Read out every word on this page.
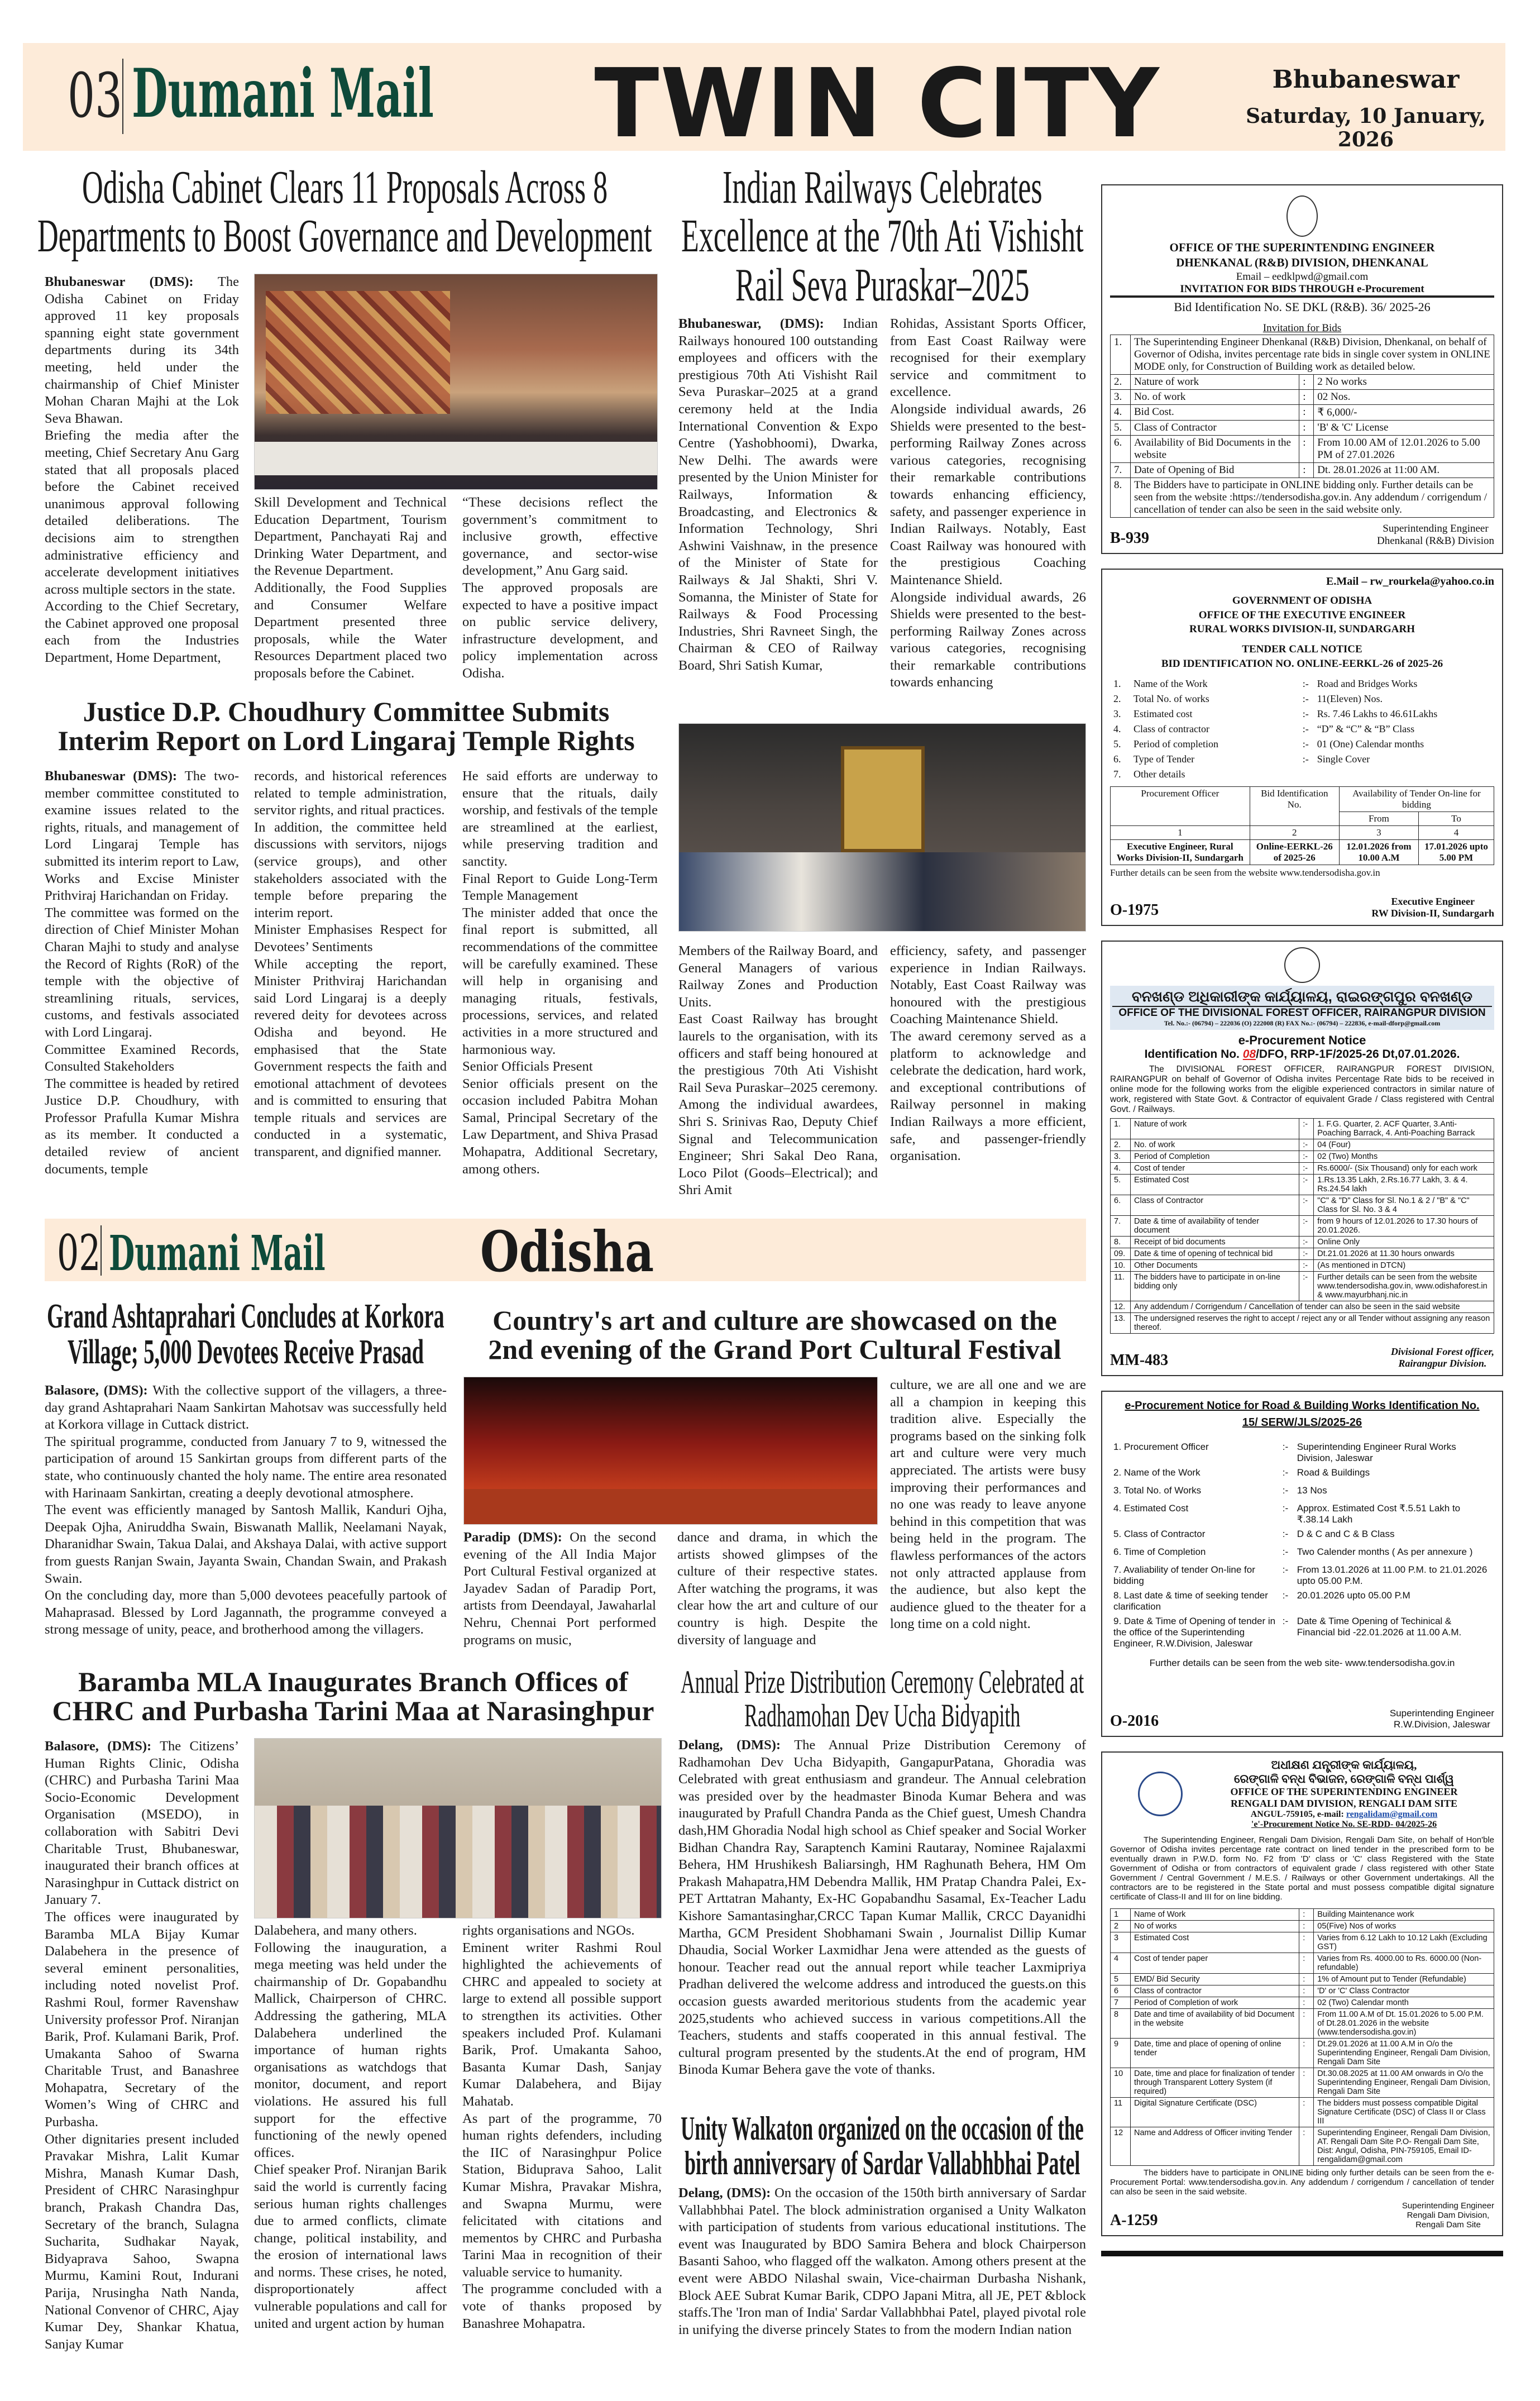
03 Dumani Mail	TWIN CITY	Bhubaneswar
Saturday, 10 January, 2026
Odisha Cabinet Clears 11 Proposals Across 8
Departments to Boost Governance and Development

Bhubaneswar (DMS): The Odisha Cabinet on Friday approved 11 key proposals spanning eight state government departments during its 34th meeting, held under the chairmanship of Chief Minister Mohan Charan Majhi at the Lok Seva Bhawan.

Briefing the media after the meeting, Chief Secretary Anu Garg stated that all proposals placed before the Cabinet received unanimous approval following detailed deliberations. The decisions aim to strengthen administrative efficiency and accelerate development initiatives across multiple sectors in the state.

According to the Chief Secretary, the Cabinet approved one proposal each from the Industries Department, Home Department,

Skill Development and Technical Education Department, Tourism Department, Panchayati Raj and Drinking Water Department, and the Revenue Department.

Additionally, the Food Supplies and Consumer Welfare Department presented three proposals, while the Water Resources Department placed two proposals before the Cabinet.

“These decisions reflect the government’s commitment to inclusive growth, effective governance, and sector-wise development,” Anu Garg said.

The approved proposals are expected to have a positive impact on public service delivery, infrastructure development, and policy implementation across Odisha.

Indian Railways Celebrates
Excellence at the 70th Ati Vishisht
Rail Seva Puraskar–2025

Bhubaneswar, (DMS): Indian Railways honoured 100 outstanding employees and officers with the prestigious 70th Ati Vishisht Rail Seva Puraskar–2025 at a grand ceremony held at the India International Convention & Expo Centre (Yashobhoomi), Dwarka, New Delhi. The awards were presented by the Union Minister for Railways, Information & Broadcasting, and Electronics & Information Technology, Shri Ashwini Vaishnaw, in the presence of the Minister of State for Railways & Jal Shakti, Shri V. Somanna, the Minister of State for Railways & Food Processing Industries, Shri Ravneet Singh, the Chairman & CEO of Railway Board, Shri Satish Kumar,

Rohidas, Assistant Sports Officer, from East Coast Railway were recognised for their exemplary service and commitment to excellence.

Alongside individual awards, 26 Shields were presented to the best-performing Railway Zones across various categories, recognising their remarkable contributions towards enhancing efficiency, safety, and passenger experience in Indian Railways. Notably, East Coast Railway was honoured with the prestigious Coaching Maintenance Shield.

Alongside individual awards, 26 Shields were presented to the best-performing Railway Zones across various categories, recognising their remarkable contributions towards enhancing

Members of the Railway Board, and General Managers of various Railway Zones and Production Units.

East Coast Railway has brought laurels to the organisation, with its officers and staff being honoured at the prestigious 70th Ati Vishisht Rail Seva Puraskar–2025 ceremony. Among the individual awardees, Shri S. Srinivas Rao, Deputy Chief Signal and Telecommunication Engineer; Shri Sakal Deo Rana, Loco Pilot (Goods–Electrical); and Shri Amit

efficiency, safety, and passenger experience in Indian Railways. Notably, East Coast Railway was honoured with the prestigious Coaching Maintenance Shield.

The award ceremony served as a platform to acknowledge and celebrate the dedication, hard work, and exceptional contributions of Railway personnel in making Indian Railways a more efficient, safe, and passenger-friendly organisation.

Justice D.P. Choudhury Committee Submits
Interim Report on Lord Lingaraj Temple Rights

Bhubaneswar (DMS): The two-member committee constituted to examine issues related to the rights, rituals, and management of Lord Lingaraj Temple has submitted its interim report to Law, Works and Excise Minister Prithviraj Harichandan on Friday.

The committee was formed on the direction of Chief Minister Mohan Charan Majhi to study and analyse the Record of Rights (RoR) of the temple with the objective of streamlining rituals, services, customs, and festivals associated with Lord Lingaraj.

Committee Examined Records, Consulted Stakeholders

The committee is headed by retired Justice D.P. Choudhury, with Professor Prafulla Kumar Mishra as its member. It conducted a detailed review of ancient documents, temple

records, and historical references related to temple administration, servitor rights, and ritual practices.

In addition, the committee held discussions with servitors, nijogs (service groups), and other stakeholders associated with the temple before preparing the interim report.

Minister Emphasises Respect for Devotees’ Sentiments

While accepting the report, Minister Prithviraj Harichandan said Lord Lingaraj is a deeply revered deity for devotees across Odisha and beyond. He emphasised that the State Government respects the faith and emotional attachment of devotees and is committed to ensuring that temple rituals and services are conducted in a systematic, transparent, and dignified manner.

He said efforts are underway to ensure that the rituals, daily worship, and festivals of the temple are streamlined at the earliest, while preserving tradition and sanctity.

Final Report to Guide Long-Term Temple Management

The minister added that once the final report is submitted, all recommendations of the committee will be carefully examined. These will help in organising and managing rituals, festivals, processions, services, and related activities in a more structured and harmonious way.

Senior Officials Present

Senior officials present on the occasion included Pabitra Mohan Samal, Principal Secretary of the Law Department, and Shiva Prasad Mohapatra, Additional Secretary, among others.

02 Dumani Mail	Odisha
Grand Ashtaprahari Concludes at Korkora
Village; 5,000 Devotees Receive Prasad

Balasore, (DMS): With the collective support of the villagers, a three-day grand Ashtaprahari Naam Sankirtan Mahotsav was successfully held at Korkora village in Cuttack district.

The spiritual programme, conducted from January 7 to 9, witnessed the participation of around 15 Sankirtan groups from different parts of the state, who continuously chanted the holy name. The entire area resonated with Harinaam Sankirtan, creating a deeply devotional atmosphere.

The event was efficiently managed by Santosh Mallik, Kanduri Ojha, Deepak Ojha, Aniruddha Swain, Biswanath Mallik, Neelamani Nayak, Dharanidhar Swain, Takua Dalai, and Akshaya Dalai, with active support from guests Ranjan Swain, Jayanta Swain, Chandan Swain, and Prakash Swain.

On the concluding day, more than 5,000 devotees peacefully partook of Mahaprasad. Blessed by Lord Jagannath, the programme conveyed a strong message of unity, peace, and brotherhood among the villagers.

Country's art and culture are showcased on the
2nd evening of the Grand Port Cultural Festival

Paradip (DMS): On the second evening of the All India Major Port Cultural Festival organized at Jayadev Sadan of Paradip Port, artists from Deendayal, Jawaharlal Nehru, Chennai Port performed programs on music,

dance and drama, in which the artists showed glimpses of the culture of their respective states. After watching the programs, it was clear how the art and culture of our country is high. Despite the diversity of language and

culture, we are all one and we are all a champion in keeping this tradition alive. Especially the programs based on the sinking folk art and culture were very much appreciated. The artists were busy improving their performances and no one was ready to leave anyone behind in this competition that was being held in the program. The flawless performances of the actors not only attracted applause from the audience, but also kept the audience glued to the theater for a long time on a cold night.

Baramba MLA Inaugurates Branch Offices of
CHRC and Purbasha Tarini Maa at Narasinghpur

Balasore, (DMS): The Citizens’ Human Rights Clinic, Odisha (CHRC) and Purbasha Tarini Maa Socio-Economic Development Organisation (MSEDO), in collaboration with Sabitri Devi Charitable Trust, Bhubaneswar, inaugurated their branch offices at Narasinghpur in Cuttack district on January 7.

The offices were inaugurated by Baramba MLA Bijay Kumar Dalabehera in the presence of several eminent personalities, including noted novelist Prof. Rashmi Roul, former Ravenshaw University professor Prof. Niranjan Barik, Prof. Kulamani Barik, Prof. Umakanta Sahoo of Swarna Charitable Trust, and Banashree Mohapatra, Secretary of the Women’s Wing of CHRC and Purbasha.

Other dignitaries present included Pravakar Mishra, Lalit Kumar Mishra, Manash Kumar Dash, President of CHRC Narasinghpur branch, Prakash Chandra Das, Secretary of the branch, Sulagna Sucharita, Sudhakar Nayak, Bidyaprava Sahoo, Swapna Murmu, Kamini Rout, Indurani Parija, Nrusingha Nath Nanda, National Convenor of CHRC, Ajay Kumar Dey, Shankar Khatua, Sanjay Kumar

Dalabehera, and many others.

Following the inauguration, a mega meeting was held under the chairmanship of Dr. Gopabandhu Mallick, Chairperson of CHRC. Addressing the gathering, MLA Dalabehera underlined the importance of human rights organisations as watchdogs that monitor, document, and report violations. He assured his full support for the effective functioning of the newly opened offices.

Chief speaker Prof. Niranjan Barik said the world is currently facing serious human rights challenges due to armed conflicts, climate change, political instability, and the erosion of international laws and norms. These crises, he noted, disproportionately affect vulnerable populations and call for united and urgent action by human

rights organisations and NGOs.

Eminent writer Rashmi Roul highlighted the achievements of CHRC and appealed to society at large to extend all possible support to strengthen its activities. Other speakers included Prof. Kulamani Barik, Prof. Umakanta Sahoo, Basanta Kumar Dash, Sanjay Kumar Dalabehera, and Bijay Mahatab.

As part of the programme, 70 human rights defenders, including the IIC of Narasinghpur Police Station, Bidupravа Sahoo, Lalit Kumar Mishra, Pravakar Mishra, and Swapna Murmu, were felicitated with citations and mementos by CHRC and Purbasha Tarini Maa in recognition of their valuable service to humanity.

The programme concluded with a vote of thanks proposed by Banashree Mohapatra.

Annual Prize Distribution Ceremony Celebrated at
Radhamohan Dev Ucha Bidyapith

Delang, (DMS): The Annual Prize Distribution Ceremony of Radhamohan Dev Ucha Bidyapith, GangapurPatana, Ghoradia was Celebrated with great enthusiasm and grandeur. The Annual celebration was presided over by the headmaster Binoda Kumar Behera and was inaugurated by Prafull Chandra Panda as the Chief guest, Umesh Chandra dash,HM Ghoradia Nodal high school as Chief speaker and Social Worker Bidhan Chandra Ray, Saraptench Kamini Rautaray, Nominee Rajalaxmi Behera, HM Hrushikesh Baliarsingh, HM Raghunath Behera, HM Om Prakash Mahapatra,HM Debendra Mallik, HM Pratap Chandra Palei, Ex-PET Arttatran Mahanty, Ex-HC Gopabandhu Sasamal, Ex-Teacher Ladu Kishore Samantasinghar,CRCC Tapan Kumar Mallik, CRCC Dayanidhi Martha, GCM President Shobhamani Swain , Journalist Dillip Kumar Dhaudia, Social Worker Laxmidhar Jena were attended as the guests of honour. Teacher read out the annual report while teacher Laxmipriya Pradhan delivered the welcome address and introduced the guests.on this occasion guests awarded meritorious students from the academic year 2025,students who achieved success in various competitions.All the Teachers, students and staffs cooperated in this annual festival. The cultural program presented by the students.At the end of program, HM Binoda Kumar Behera gave the vote of thanks.

Unity Walkaton organized on the occasion of the
birth anniversary of Sardar Vallabhbhai Patel

Delang, (DMS): On the occasion of the 150th birth anniversary of Sardar Vallabhbhai Patel. The block administration organised a Unity Walkaton with participation of students from various educational institutions. The event was Inaugurated by BDO Samira Behera and block Chairperson Basanti Sahoo, who flagged off the walkaton. Among others present at the event were ABDO Nilashal swain, Vice-chairman Durbasha Nishank, Block AEE Subrat Kumar Barik, CDPO Japani Mitra, all JE, PET &block staffs.The 'Iron man of India' Sardar Vallabhbhai Patel, played pivotal role in unifying the diverse princely States to from the modern Indian nation

OFFICE OF THE SUPERINTENDING ENGINEER
DHENKANAL (R&B) DIVISION, DHENKANAL
Email – eedklpwd@gmail.com
INVITATION FOR BIDS THROUGH e-Procurement
Bid Identification No. SE DKL (R&B). 36/ 2025-26
Invitation for Bids
1.	The Superintending Engineer Dhenkanal (R&B) Division, Dhenkanal, on behalf of Governor of Odisha, invites percentage rate bids in single cover system in ONLINE MODE only, for Construction of Building work as detailed below.		
2.	Nature of work	:	2 No works
3.	No. of work	:	02 Nos.
4.	Bid Cost.	:	₹ 6,000/-
5.	Class of Contractor	:	'B' & 'C' License
6.	Availability of Bid Documents in the website	:	From 10.00 AM of 12.01.2026 to 5.00 PM of 27.01.2026
7.	Date of Opening of Bid	:	Dt. 28.01.2026 at 11:00 AM.
8.	The Bidders have to participate in ONLINE bidding only. Further details can be seen from the website :https://tendersodisha.gov.in. Any addendum / corrigendum / cancellation of tender can also be seen in the said website only.		
B-939
Superintending Engineer
Dhenkanal (R&B) Division
E.Mail – rw_rourkela@yahoo.co.in
GOVERNMENT OF ODISHA
OFFICE OF THE EXECUTIVE ENGINEER
RURAL WORKS DIVISION-II, SUNDARGARH
TENDER CALL NOTICE
BID IDENTIFICATION NO. ONLINE-EERKL-26 of 2025-26
1.	Name of the Work	:-	Road and Bridges Works
2.	Total No. of works	:-	11(Eleven) Nos.
3.	Estimated cost	:-	Rs. 7.46 Lakhs to 46.61Lakhs
4.	Class of contractor	:-	“D” & “C” & “B” Class
5.	Period of completion	:-	01 (One) Calendar months
6.	Type of Tender	:-	Single Cover
7.	Other details		
Procurement Officer	Bid Identification No.	Availability of Tender On-line for bidding	
		From	To
1	2	3	4
Executive Engineer, Rural Works Division-II, Sundargarh	Online-EERKL-26 of 2025-26	12.01.2026 from 10.00 A.M	17.01.2026 upto 5.00 PM
Further details can be seen from the website www.tendersodisha.gov.in
O-1975	Executive Engineer
RW Division-II, Sundargarh
ବନଖଣ୍ଡ ଅଧିକାରୀଙ୍କ କାର୍ଯ୍ୟାଳୟ, ରାଇରଙ୍ଗପୁର ବନଖଣ୍ଡ
OFFICE OF THE DIVISIONAL FOREST OFFICER, RAIRANGPUR DIVISION
Tel. No.:- (06794) – 222036 (O) 222008 (R) FAX No.:- (06794) – 222836, e-mail-dforp@gmail.com
e-Procurement Notice
Identification No. 08/DFO, RRP-1F/2025-26 Dt,07.01.2026.
The DIVISIONAL FOREST OFFICER, RAIRANGPUR FOREST DIVISION, RAIRANGPUR on behalf of Governor of Odisha invites Percentage Rate bids to be received in online mode for the following works from the eligible experienced contractors in similar nature of work, registered with State Govt. & Contractor of equivalent Grade / Class registered with Central Govt. / Railways.
1.	Nature of work	:-	1. F.G. Quarter, 2. ACF Quarter, 3.Anti-Poaching Barrack, 4. Anti-Poaching Barrack
2.	No. of work	:-	04 (Four)
3.	Period of Completion	:-	02 (Two) Months
4.	Cost of tender	:-	Rs.6000/- (Six Thousand) only for each work
5.	Estimated Cost	:-	1.Rs.13.35 Lakh, 2.Rs.16.77 Lakh, 3. & 4. Rs.24.54 lakh
6.	Class of Contractor	:-	"C" & "D" Class for Sl. No.1 & 2 / "B" & "C" Class for Sl. No. 3 & 4
7.	Date & time of availability of tender document	:-	from 9 hours of 12.01.2026 to 17.30 hours of 20.01.2026.
8.	Receipt of bid documents	:-	Online Only
09.	Date & time of opening of technical bid	:-	Dt.21.01.2026 at 11.30 hours onwards
10.	Other Documents	:-	(As mentioned in DTCN)
11.	The bidders have to participate in on-line bidding only	:-	Further details can be seen from the website www.tendersodisha.gov.in, www.odishaforest.in & www.mayurbhanj.nic.in
12.	Any addendum / Corrigendum / Cancellation of tender can also be seen in the said website		
13.	The undersigned reserves the right to accept / reject any or all Tender without assigning any reason thereof.		
MM-483	Divisional Forest officer,
Rairangpur Division.
e-Procurement Notice for Road & Building Works Identification No.
15/ SERW/JLS/2025-26
1. Procurement Officer	:-	Superintending Engineer Rural Works Division, Jaleswar
2. Name of the Work	:-	Road & Buildings
3. Total No. of Works	:-	13 Nos
4. Estimated Cost	:-	Approx. Estimated Cost ₹.5.51 Lakh to ₹.38.14 Lakh
5. Class of Contractor	:-	D & C and C & B Class
6. Time of Completion	:-	Two Calender months ( As per annexure )
7. Avaliability of tender On-line for bidding	:-	From 13.01.2026 at 11.00 P.M. to 21.01.2026 upto 05.00 P.M.
8. Last date & time of seeking tender clarification	:-	20.01.2026 upto 05.00 P.M
9. Date & Time of Opening of tender in the office of the Superintending Engineer, R.W.Division, Jaleswar	:-	Date & Time Opening of Techinical & Financial bid -22.01.2026 at 11.00 A.M.
Further details can be seen from the web site- www.tendersodisha.gov.in
O-2016	Superintending Engineer
R.W.Division, Jaleswar
ଅଧୀକ୍ଷଣ ଯନ୍ତ୍ରୀଙ୍କ କାର୍ଯ୍ୟାଳୟ,
ରେଙ୍ଗାଳି ବନ୍ଧ ବିଭାଜନ, ରେଙ୍ଗାଳି ବନ୍ଧ ପାର୍ଶ୍ୱ
OFFICE OF THE SUPERINTENDING ENGINEER
RENGALI DAM DIVISION, RENGALI DAM SITE
ANGUL-759105, e-mail: rengalidam@gmail.com
'e'-Procurement Notice No. SE-RDD- 04/2025-26
The Superintending Engineer, Rengali Dam Division, Rengali Dam Site, on behalf of Hon'ble Governor of Odisha invites percentage rate contract on lined tender in the prescribed form to be eventually drawn in P.W.D. form No. F2 from 'D' class or 'C' class Registered with the State Government of Odisha or from contractors of equivalent grade / class registered with other State Government / Central Government / M.E.S. / Railways or other Government undertakings. All the contractors are to be registered in the State portal and must possess compatible digital signature certificate of Class-II and III for on line bidding.
1	Name of Work	:	Building Maintenance work
2	No of works	:	05(Five) Nos of works
3	Estimated Cost	:	Varies from 6.12 Lakh to 10.12 Lakh (Excluding GST)
4	Cost of tender paper	:	Varies from Rs. 4000.00 to Rs. 6000.00 (Non-refundable)
5	EMD/ Bid Security	:	1% of Amount put to Tender (Refundable)
6	Class of contractor	:	'D' or 'C' Class Contractor
7	Period of Completion of work	:	02 (Two) Calendar month
8	Date and time of availability of bid Document in the website	:	From 11.00 A.M of Dt. 15.01.2026 to 5.00 P.M. of Dt.28.01.2026 in the website (www.tendersodisha.gov.in)
9	Date, time and place of opening of online tender	:	Dt.29.01.2026 at 11.00 A.M in O/o the Superintending Engineer, Rengali Dam Division, Rengali Dam Site
10	Date, time and place for finalization of tender through Transparent Lottery System (if required)	:	Dt.30.08.2025 at 11.00 AM onwards in O/o the Superintending Engineer, Rengali Dam Division, Rengali Dam Site
11	Digital Signature Certificate (DSC)	:	The bidders must possess compatible Digital Signature Certificate (DSC) of Class II or Class III
12	Name and Address of Officer inviting Tender	:	Superintending Engineer, Rengali Dam Division, AT. Rengali Dam Site P.O- Rengali Dam Site, Dist: Angul, Odisha, PIN-759105, Email ID- rengalidam@gmail.com
The bidders have to participate in ONLINE biding only further details can be seen from the e-Procurement Portal: www.tendersodisha.gov.in. Any addendum / corrigendum / cancellation of tender can also be seen in the said website.
A-1259
Superintending Engineer
Rengali Dam Division,
Rengali Dam Site
